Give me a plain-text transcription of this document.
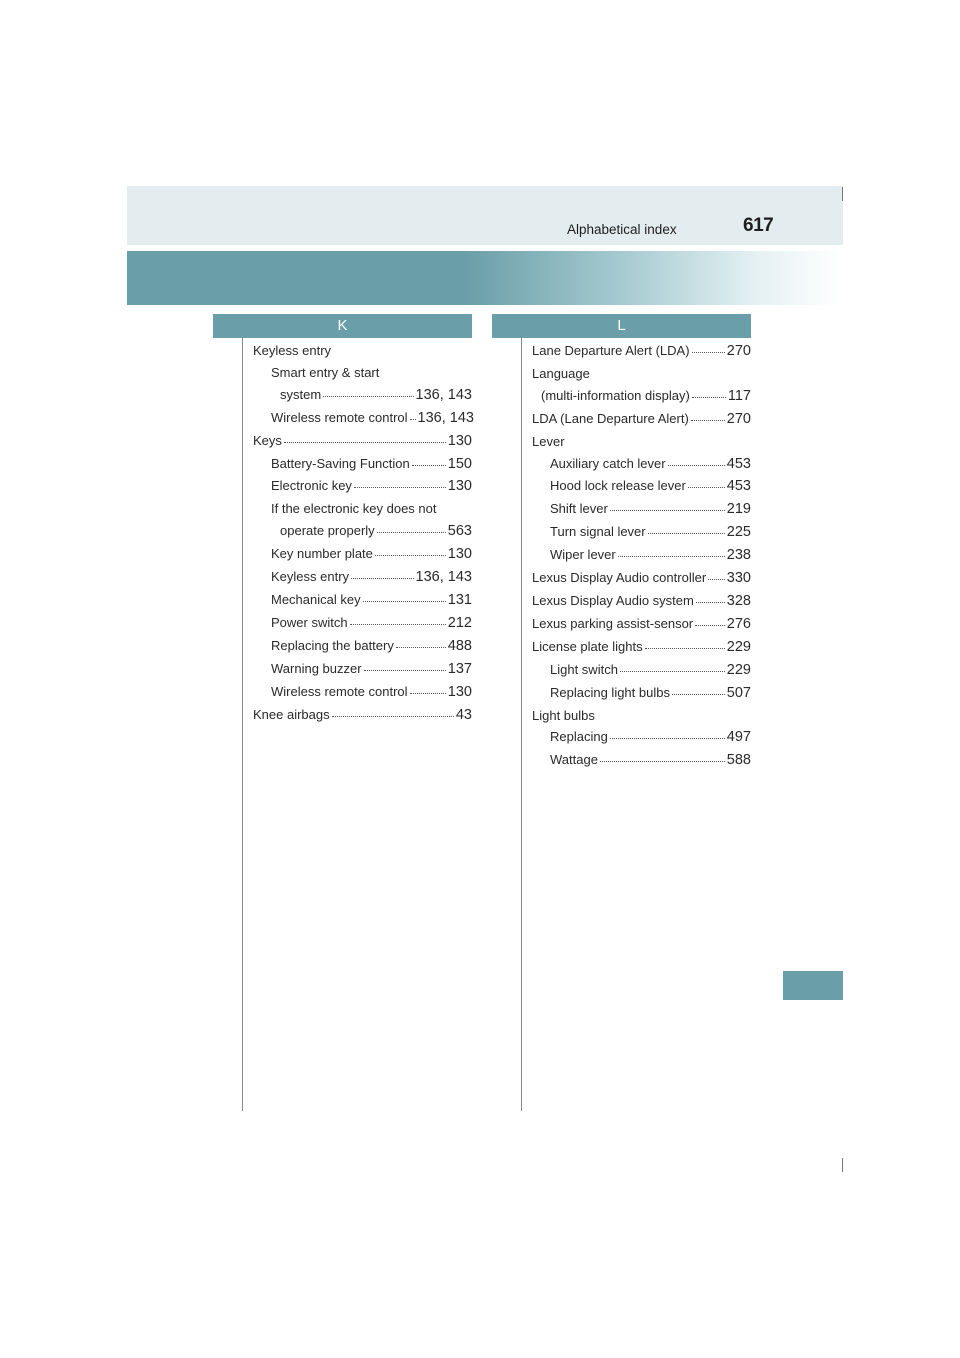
Alphabetical index	617
K
Keyless entry
Smart entry & start
system	136, 143
Wireless remote control 136, 143
Keys	130
Battery-Saving Function	150
Electronic key	130
If the electronic key does not
operate properly	563
Key number plate	130
Keyless entry	136, 143
Mechanical key	131
Power switch	212
Replacing the battery	488
Warning buzzer	137
Wireless remote control	130
Knee airbags	43
L
Lane Departure Alert (LDA)	270
Language
(multi-information display)	117
LDA (Lane Departure Alert)	270
Lever
Auxiliary catch lever	453
Hood lock release lever	453
Shift lever	219
Turn signal lever	225
Wiper lever	238
Lexus Display Audio controller 330
Lexus Display Audio system 328
Lexus parking assist-sensor 276
License plate lights	229
Light switch	229
Replacing light bulbs	507
Light bulbs
Replacing	497
Wattage	588
